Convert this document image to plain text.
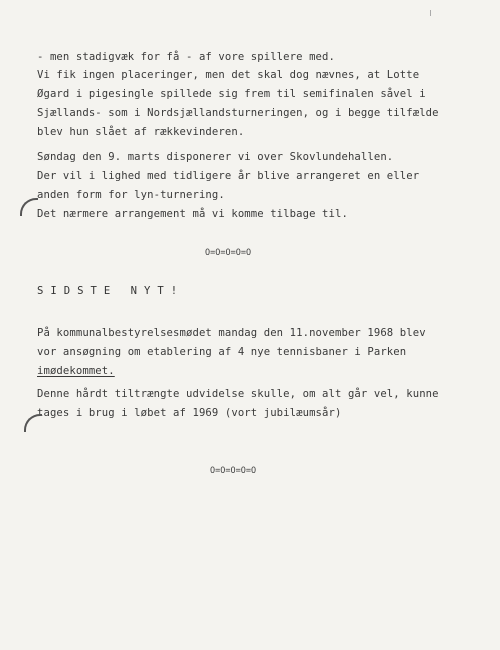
- men stadigvæk for få - af vore spillere med.
Vi fik ingen placeringer, men det skal dog nævnes, at Lotte
Øgard i pigesingle spillede sig frem til semifinalen såvel i
Sjællands- som i Nordsjællandsturneringen, og i begge tilfælde
blev hun slået af rækkevinderen.
Søndag den 9. marts disponerer vi over Skovlundehallen.
Der vil i lighed med tidligere år blive arrangeret en eller
anden form for lyn-turnering.
Det nærmere arrangement må vi komme tilbage til.
O=O=O=O=O
SIDSTE NYT!
På kommunalbestyrelsesmødet mandag den 11.november 1968 blev
vor ansøgning om etablering af 4 nye tennisbaner i Parken
imødekommet.
Denne hårdt tiltrængte udvidelse skulle, om alt går vel, kunne
tages i brug i løbet af 1969 (vort jubilæumsår)
O=O=O=O=O
